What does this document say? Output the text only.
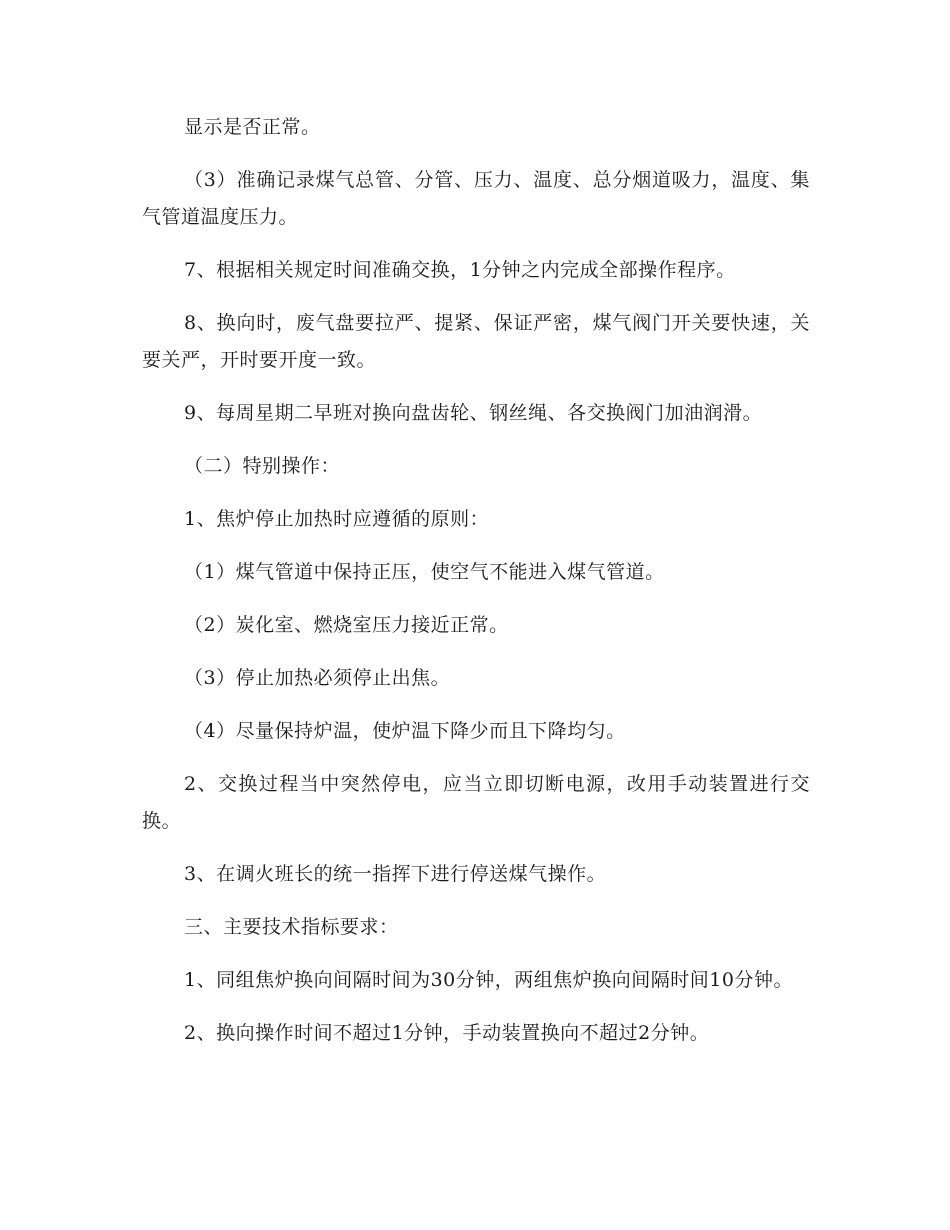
显示是否正常。

（3）准确记录煤气总管、分管、压力、温度、总分烟道吸力，温度、集气管道温度压力。

7、根据相关规定时间准确交换，1分钟之内完成全部操作程序。

8、换向时，废气盘要拉严、提紧、保证严密，煤气阀门开关要快速，关要关严，开时要开度一致。

9、每周星期二早班对换向盘齿轮、钢丝绳、各交换阀门加油润滑。

（二）特别操作：

1、焦炉停止加热时应遵循的原则：

（1）煤气管道中保持正压，使空气不能进入煤气管道。

（2）炭化室、燃烧室压力接近正常。

（3）停止加热必须停止出焦。

（4）尽量保持炉温，使炉温下降少而且下降均匀。

2、交换过程当中突然停电，应当立即切断电源，改用手动装置进行交换。

3、在调火班长的统一指挥下进行停送煤气操作。

三、主要技术指标要求：

1、同组焦炉换向间隔时间为30分钟，两组焦炉换向间隔时间10分钟。

2、换向操作时间不超过1分钟，手动装置换向不超过2分钟。
